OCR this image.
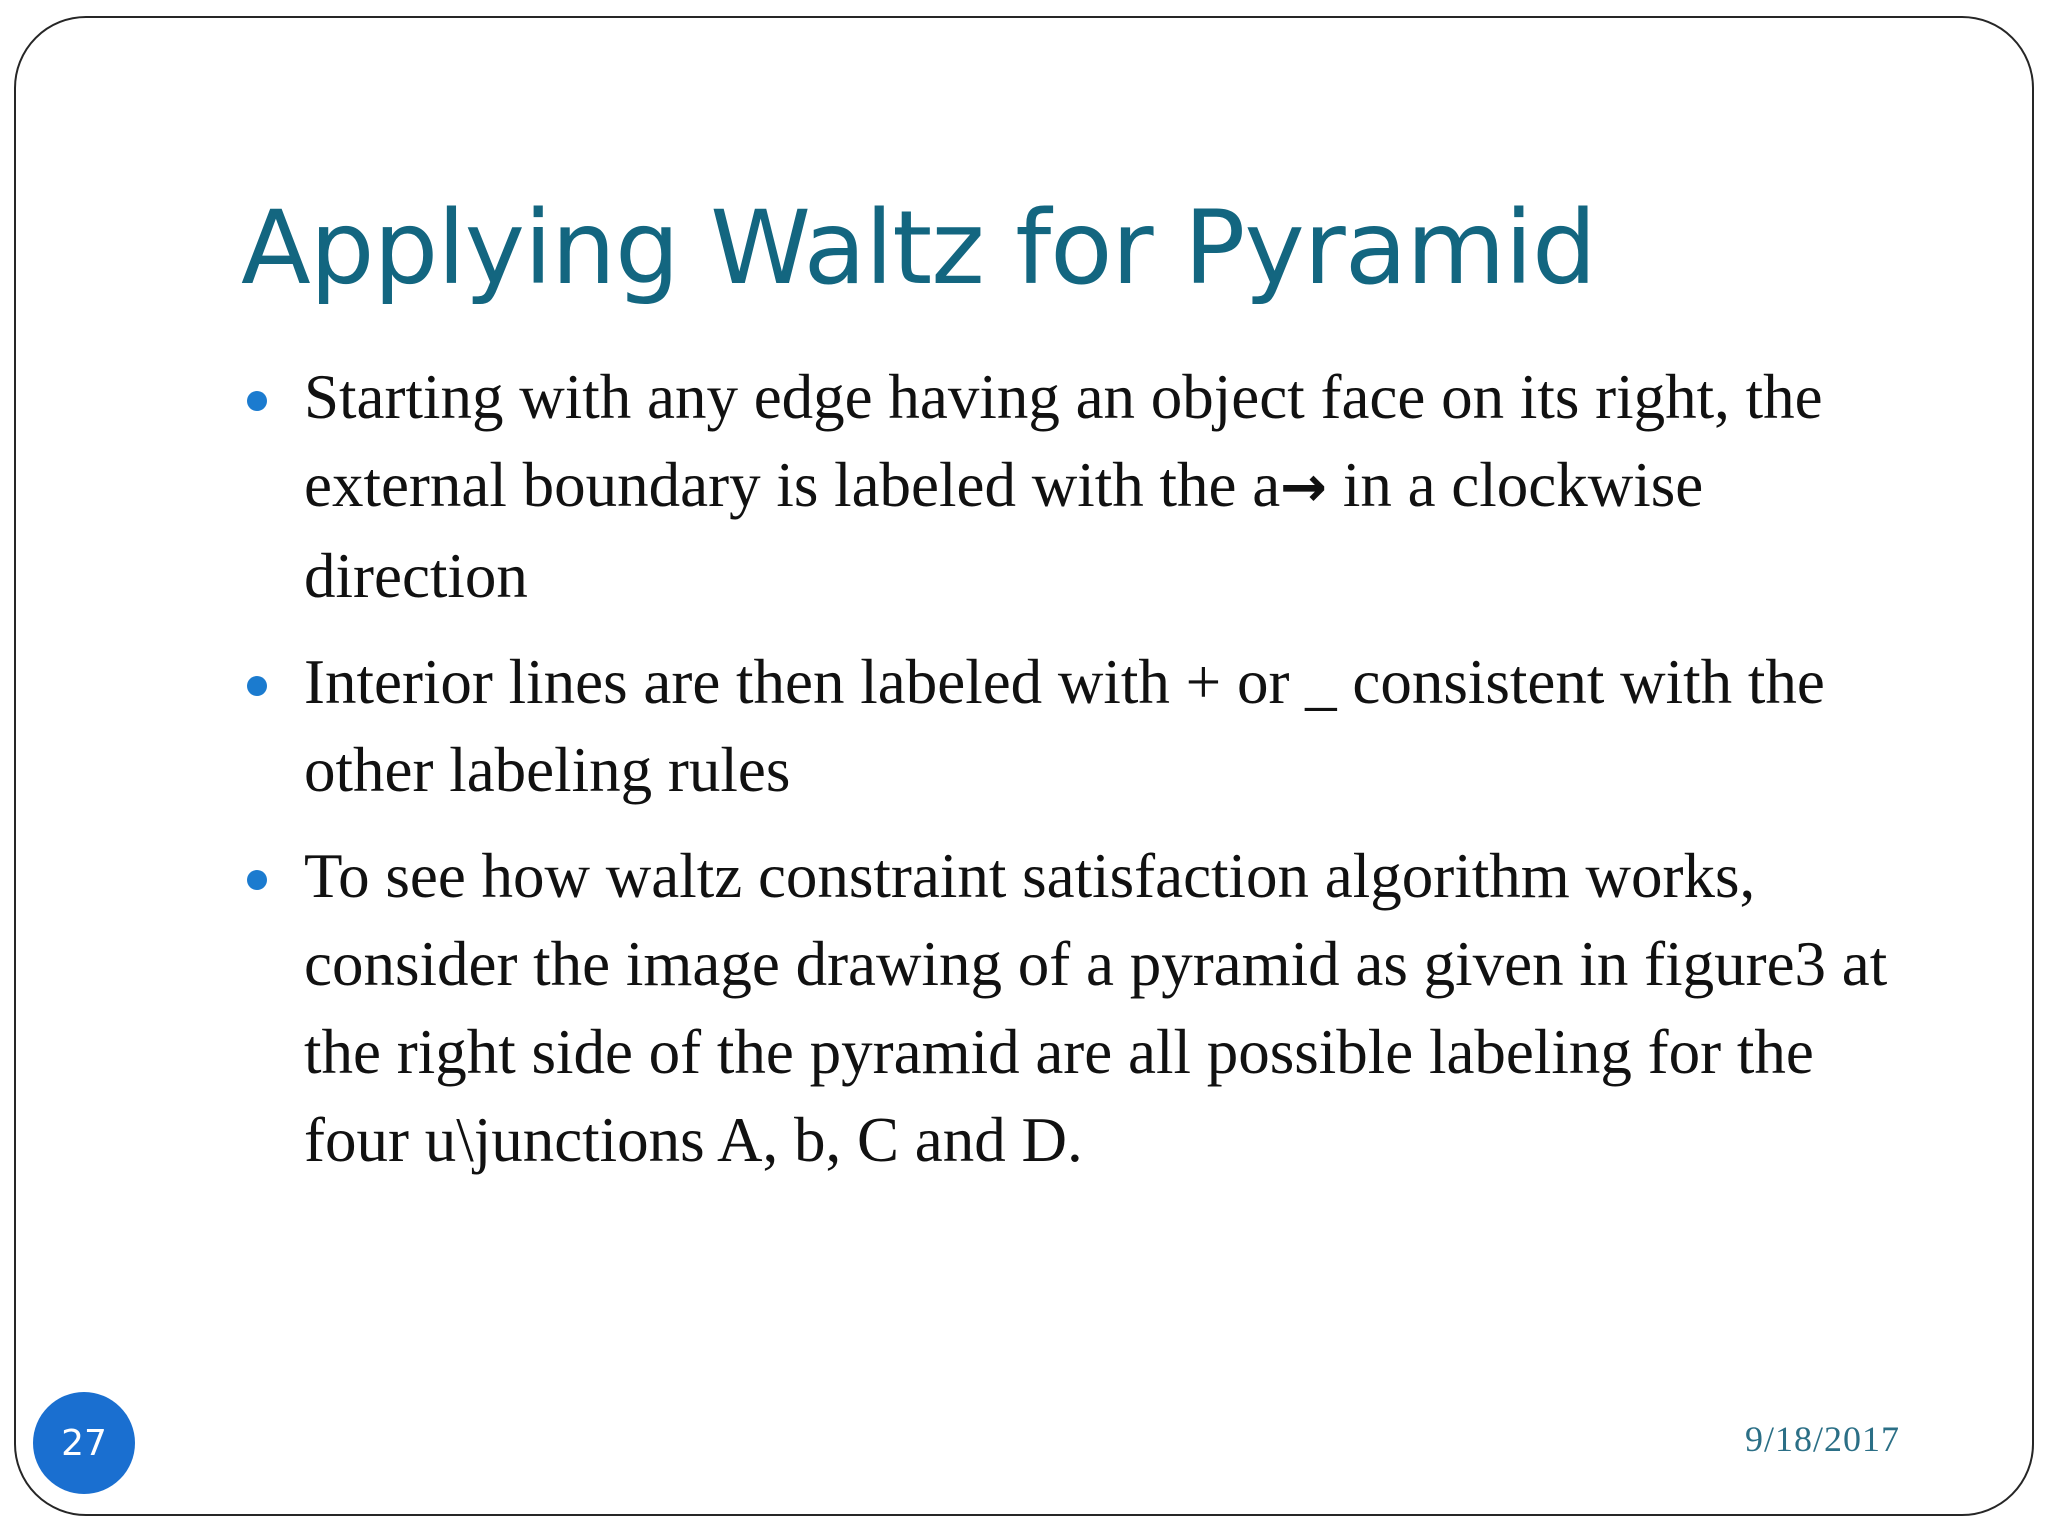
Applying Waltz for Pyramid
Starting with any edge having an object face on its right, the external boundary is labeled with the a→ in a clockwise direction
Interior lines are then labeled with + or _ consistent with the other labeling rules
To see how waltz constraint satisfaction algorithm works, consider the image drawing of a pyramid as given in figure3 at the right side of the pyramid are all possible labeling for the four u\junctions A, b, C and D.
27	9/18/2017
